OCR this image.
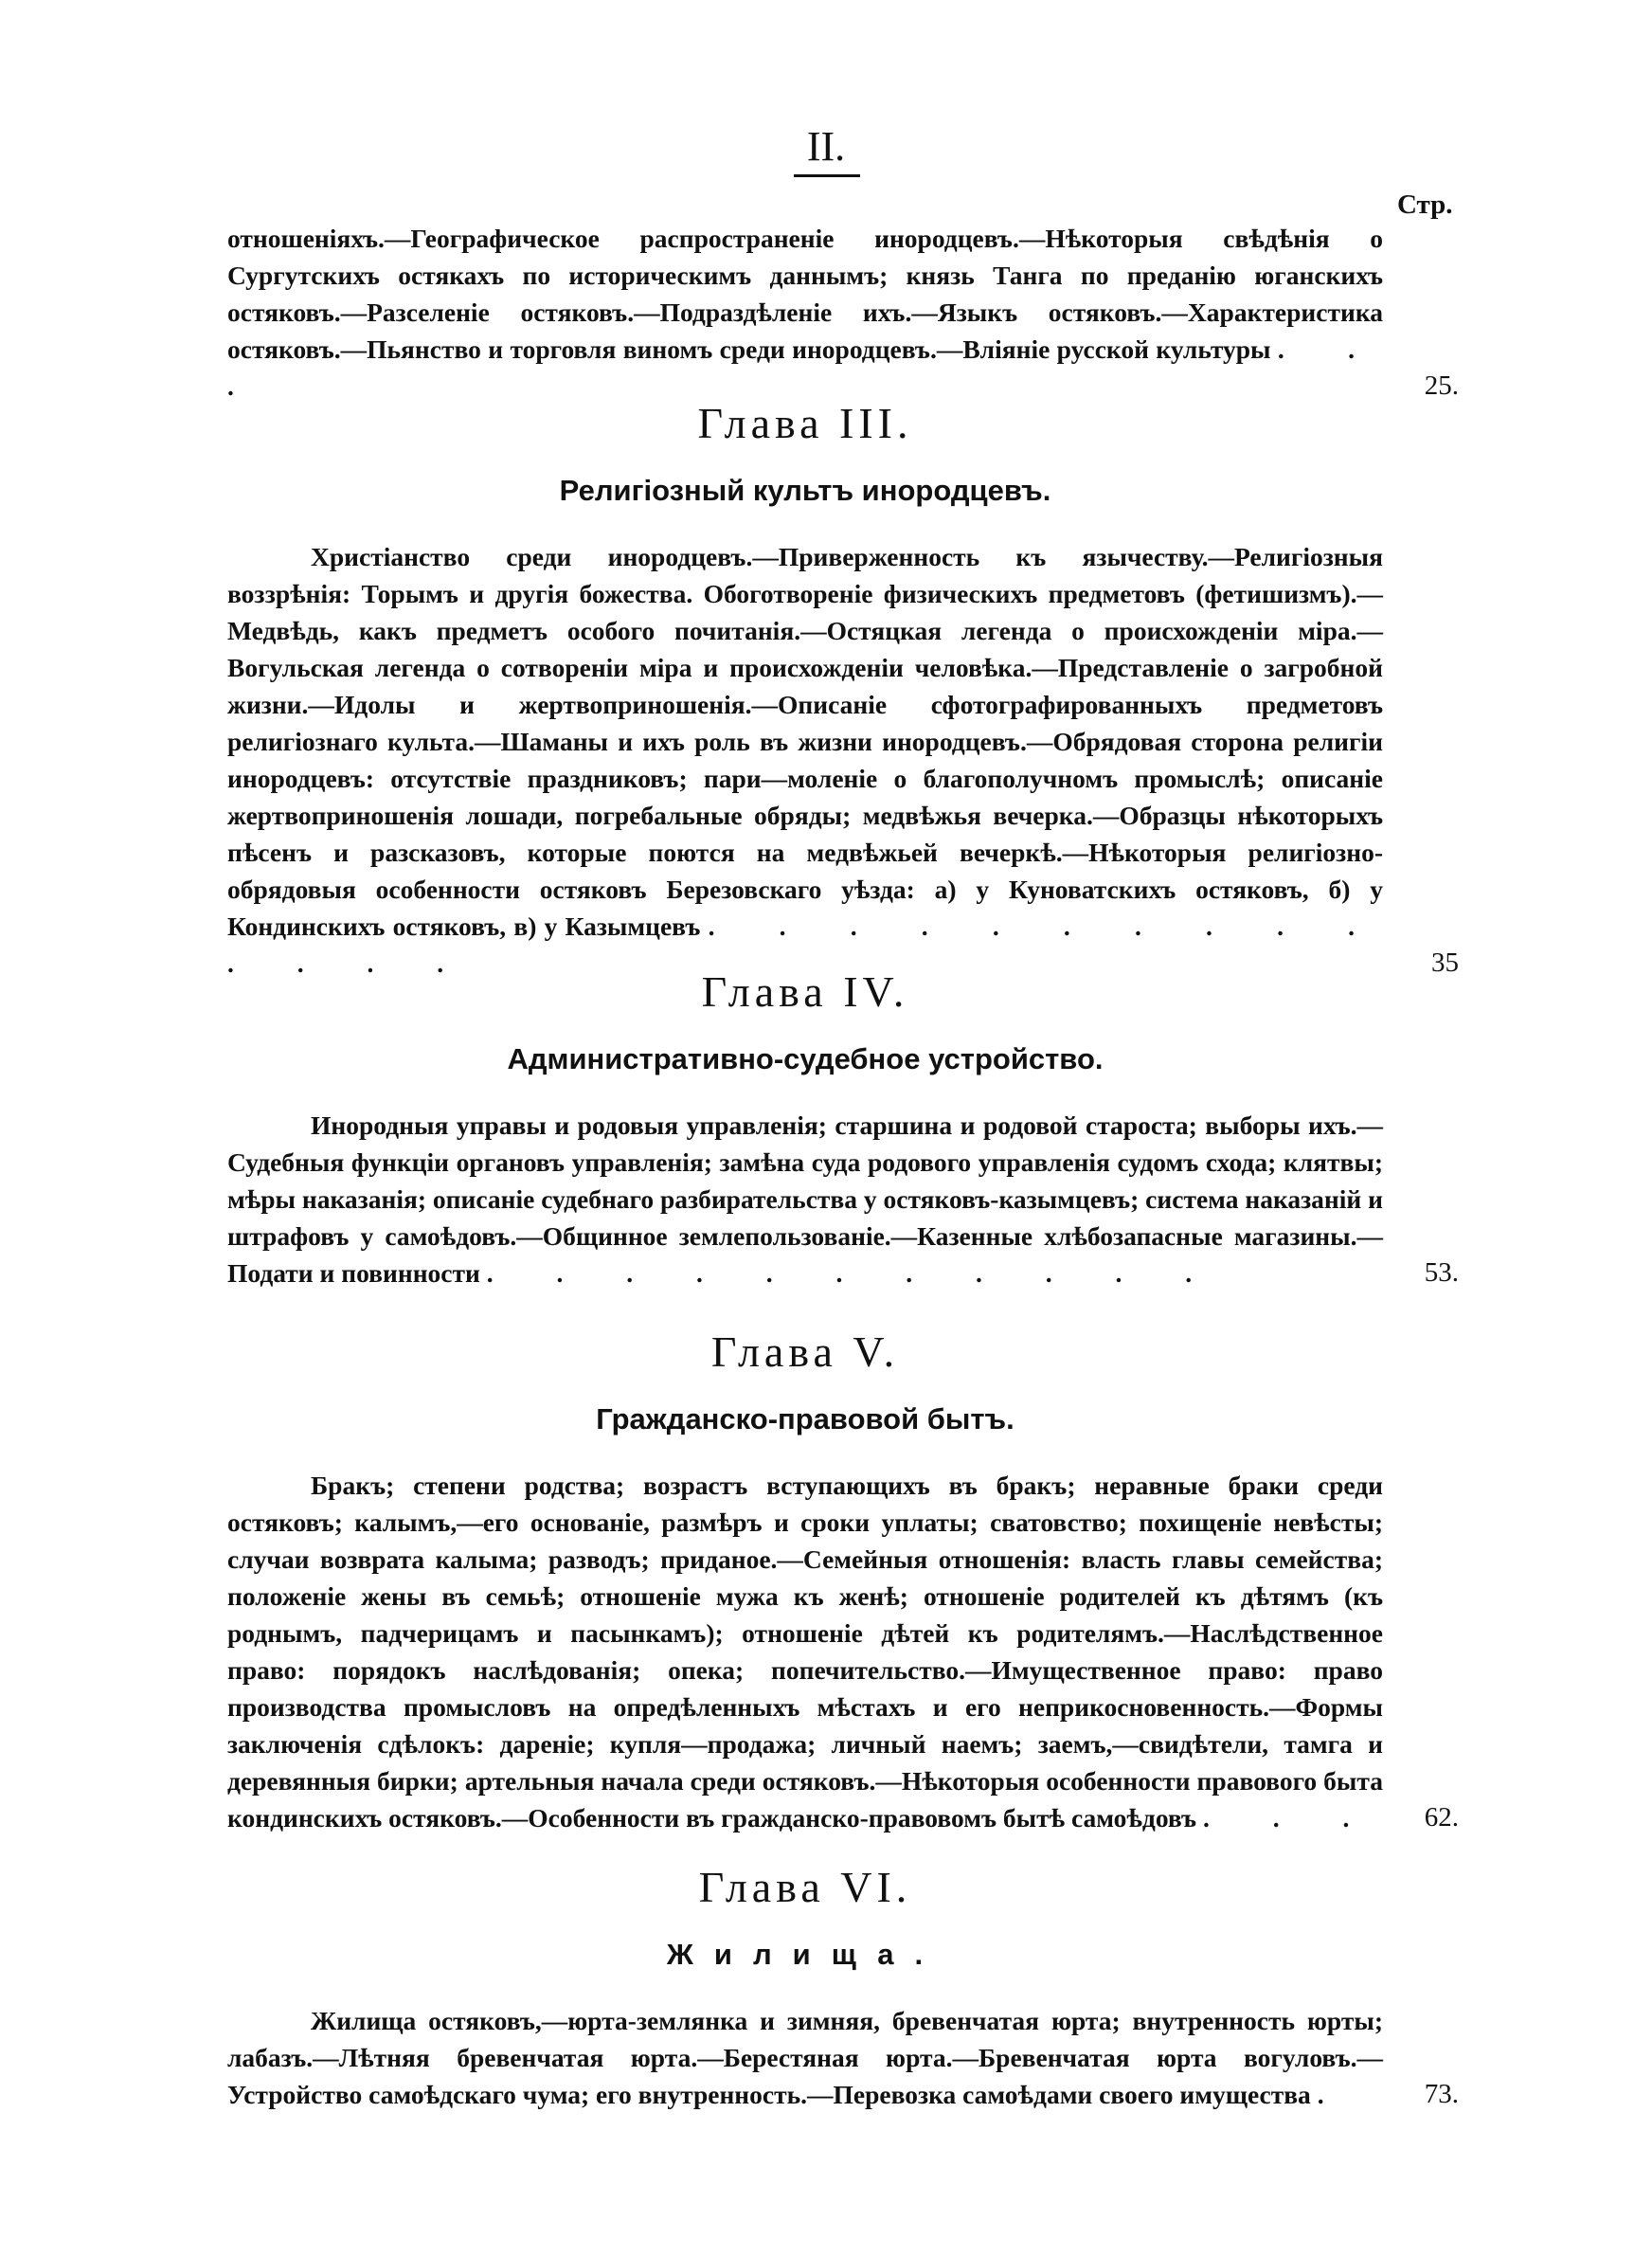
II.
Стр.
отношеніяхъ.—Географическое распространеніе инородцевъ.—Нѣкоторыя свѣдѣнія о Сургутскихъ остякахъ по историческимъ даннымъ; князь Танга по преданію юганскихъ остяковъ.—Разселеніе остяковъ.—Подраздѣленіе ихъ.—Языкъ остяковъ.—Характеристика остяковъ.—Пьянство и торговля виномъ среди инородцевъ.—Вліяніе русской культуры . . .	25.
Глава III.
Религіозный культъ инородцевъ.
Христіанство среди инородцевъ.—Приверженность къ язычеству.—Религіозныя воззрѣнія: Торымъ и другія божества. Обоготвореніе физическихъ предметовъ (фетишизмъ).—Медвѣдь, какъ предметъ особого почитанія.—Остяцкая легенда о происхожденіи міра.—Вогульская легенда о сотвореніи міра и происхожденіи человѣка.—Представленіе о загробной жизни.—Идолы и жертвоприношенія.—Описаніе сфотографированныхъ предметовъ религіознаго культа.—Шаманы и ихъ роль въ жизни инородцевъ.—Обрядовая сторона религіи инородцевъ: отсутствіе праздниковъ; пари—моленіе о благополучномъ промыслѣ; описаніе жертвоприношенія лошади, погребальные обряды; медвѣжья вечерка.—Образцы нѣкоторыхъ пѣсенъ и разсказовъ, которые поются на медвѣжьей вечеркѣ.—Нѣкоторыя религіозно-обрядовыя особенности остяковъ Березовскаго уѣзда: а) у Куноватскихъ остяковъ, б) у Кондинскихъ остяковъ, в) у Казымцевъ . . . . . . . . . . . . . .	35
Глава IV.
Административно-судебное устройство.
Инородныя управы и родовыя управленія; старшина и родовой староста; выборы ихъ.—Судебныя функціи органовъ управленія; замѣна суда родового управленія судомъ схода; клятвы; мѣры наказанія; описаніе судебнаго разбирательства у остяковъ-казымцевъ; система наказаній и штрафовъ у самоѣдовъ.—Общинное землепользованіе.—Казенные хлѣбозапасные магазины.—Подати и повинности . . . . . . . . . . .	53.
Глава V.
Гражданско-правовой бытъ.
Бракъ; степени родства; возрастъ вступающихъ въ бракъ; неравные браки среди остяковъ; калымъ,—его основаніе, размѣръ и сроки уплаты; сватовство; похищеніе невѣсты; случаи возврата калыма; разводъ; приданое.—Семейныя отношенія: власть главы семейства; положеніе жены въ семьѣ; отношеніе мужа къ женѣ; отношеніе родителей къ дѣтямъ (къ роднымъ, падчерицамъ и пасынкамъ); отношеніе дѣтей къ родителямъ.—Наслѣдственное право: порядокъ наслѣдованія; опека; попечительство.—Имущественное право: право производства промысловъ на опредѣленныхъ мѣстахъ и его неприкосновенность.—Формы заключенія сдѣлокъ: дареніе; купля—продажа; личный наемъ; заемъ,—свидѣтели, тамга и деревянныя бирки; артельныя начала среди остяковъ.—Нѣкоторыя особенности правового быта кондинскихъ остяковъ.—Особенности въ гражданско-правовомъ бытѣ самоѣдовъ . . .	62.
Глава VI.
Жилища.
Жилища остяковъ,—юрта-землянка и зимняя, бревенчатая юрта; внутренность юрты; лабазъ.—Лѣтняя бревенчатая юрта.—Берестяная юрта.—Бревенчатая юрта вогуловъ.—Устройство самоѣдскаго чума; его внутренность.—Перевозка самоѣдами своего имущества .	73.
